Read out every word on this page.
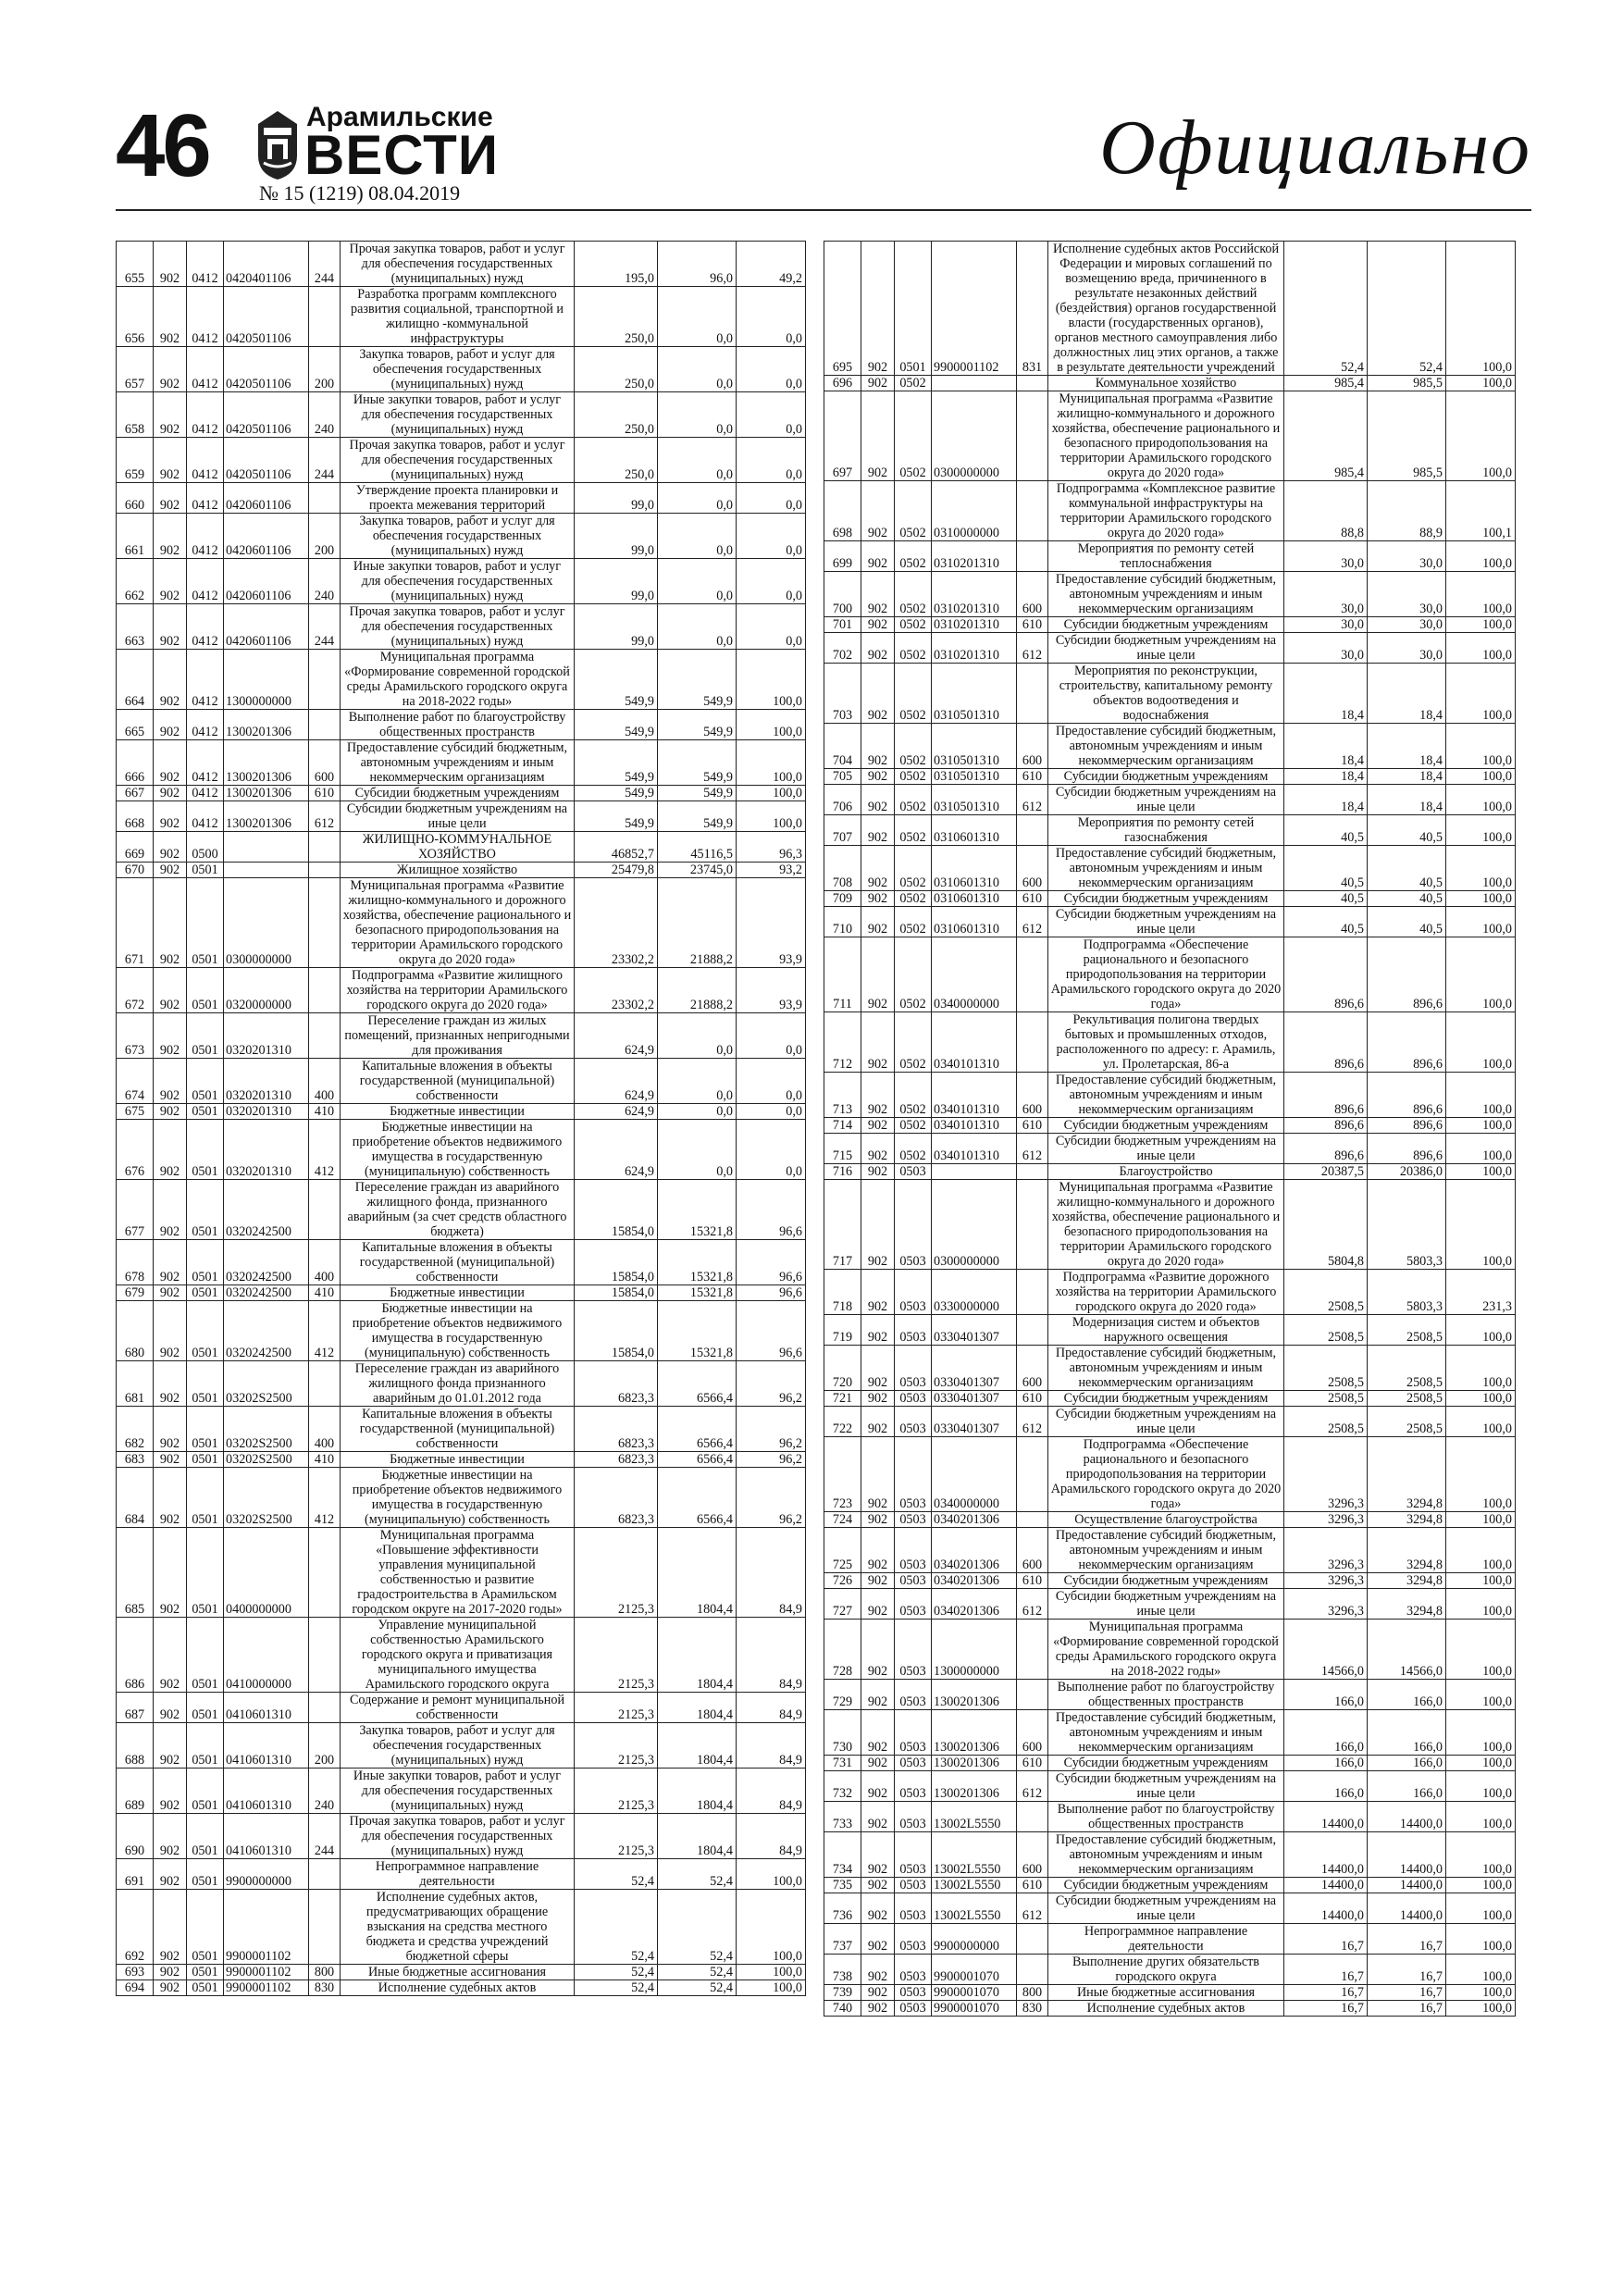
46	Арамильские
ВЕСТИ
№ 15 (1219) 08.04.2019
Официально
655	902	0412	0420401106	244	Прочая закупка товаров, работ и услуг для обеспечения государственных (муниципальных) нужд	195,0	96,0	49,2
656	902	0412	0420501106		Разработка программ комплексного развития социальной, транспортной и жилищно -коммунальной инфраструктуры	250,0	0,0	0,0
657	902	0412	0420501106	200	Закупка товаров, работ и услуг для обеспечения государственных (муниципальных) нужд	250,0	0,0	0,0
658	902	0412	0420501106	240	Иные закупки товаров, работ и услуг для обеспечения государственных (муниципальных) нужд	250,0	0,0	0,0
659	902	0412	0420501106	244	Прочая закупка товаров, работ и услуг для обеспечения государственных (муниципальных) нужд	250,0	0,0	0,0
660	902	0412	0420601106		Утверждение проекта планировки и проекта межевания территорий	99,0	0,0	0,0
661	902	0412	0420601106	200	Закупка товаров, работ и услуг для обеспечения государственных (муниципальных) нужд	99,0	0,0	0,0
662	902	0412	0420601106	240	Иные закупки товаров, работ и услуг для обеспечения государственных (муниципальных) нужд	99,0	0,0	0,0
663	902	0412	0420601106	244	Прочая закупка товаров, работ и услуг для обеспечения государственных (муниципальных) нужд	99,0	0,0	0,0
664	902	0412	1300000000		Муниципальная программа «Формирование современной городской среды Арамильского городского округа на 2018-2022 годы»	549,9	549,9	100,0
665	902	0412	1300201306		Выполнение работ по благоустройству общественных пространств	549,9	549,9	100,0
666	902	0412	1300201306	600	Предоставление субсидий бюджетным, автономным учреждениям и иным некоммерческим организациям	549,9	549,9	100,0
667	902	0412	1300201306	610	Субсидии бюджетным учреждениям	549,9	549,9	100,0
668	902	0412	1300201306	612	Субсидии бюджетным учреждениям на иные цели	549,9	549,9	100,0
669	902	0500			ЖИЛИЩНО-КОММУНАЛЬНОЕ ХОЗЯЙСТВО	46852,7	45116,5	96,3
670	902	0501			Жилищное хозяйство	25479,8	23745,0	93,2
671	902	0501	0300000000		Муниципальная программа «Развитие жилищно-коммунального и дорожного хозяйства, обеспечение рационального и безопасного природопользования на территории Арамильского городского округа до 2020 года»	23302,2	21888,2	93,9
672	902	0501	0320000000		Подпрограмма «Развитие жилищного хозяйства на территории Арамильского городского округа до 2020 года»	23302,2	21888,2	93,9
673	902	0501	0320201310		Переселение граждан из жилых помещений, признанных непригодными для проживания	624,9	0,0	0,0
674	902	0501	0320201310	400	Капитальные вложения в объекты государственной (муниципальной) собственности	624,9	0,0	0,0
675	902	0501	0320201310	410	Бюджетные инвестиции	624,9	0,0	0,0
676	902	0501	0320201310	412	Бюджетные инвестиции на приобретение объектов недвижимого имущества в государственную (муниципальную) собственность	624,9	0,0	0,0
677	902	0501	0320242500		Переселение граждан из аварийного жилищного фонда, признанного аварийным (за счет средств областного бюджета)	15854,0	15321,8	96,6
678	902	0501	0320242500	400	Капитальные вложения в объекты государственной (муниципальной) собственности	15854,0	15321,8	96,6
679	902	0501	0320242500	410	Бюджетные инвестиции	15854,0	15321,8	96,6
680	902	0501	0320242500	412	Бюджетные инвестиции на приобретение объектов недвижимого имущества в государственную (муниципальную) собственность	15854,0	15321,8	96,6
681	902	0501	03202S2500		Переселение граждан из аварийного жилищного фонда признанного аварийным до 01.01.2012 года	6823,3	6566,4	96,2
682	902	0501	03202S2500	400	Капитальные вложения в объекты государственной (муниципальной) собственности	6823,3	6566,4	96,2
683	902	0501	03202S2500	410	Бюджетные инвестиции	6823,3	6566,4	96,2
684	902	0501	03202S2500	412	Бюджетные инвестиции на приобретение объектов недвижимого имущества в государственную (муниципальную) собственность	6823,3	6566,4	96,2
685	902	0501	0400000000		Муниципальная программа «Повышение эффективности управления муниципальной собственностью и развитие градостроительства в Арамильском городском округе на 2017-2020 годы»	2125,3	1804,4	84,9
686	902	0501	0410000000		Управление муниципальной собственностью Арамильского городского округа и приватизация муниципального имущества Арамильского городского округа	2125,3	1804,4	84,9
687	902	0501	0410601310		Содержание и ремонт муниципальной собственности	2125,3	1804,4	84,9
688	902	0501	0410601310	200	Закупка товаров, работ и услуг для обеспечения государственных (муниципальных) нужд	2125,3	1804,4	84,9
689	902	0501	0410601310	240	Иные закупки товаров, работ и услуг для обеспечения государственных (муниципальных) нужд	2125,3	1804,4	84,9
690	902	0501	0410601310	244	Прочая закупка товаров, работ и услуг для обеспечения государственных (муниципальных) нужд	2125,3	1804,4	84,9
691	902	0501	9900000000		Непрограммное направление деятельности	52,4	52,4	100,0
692	902	0501	9900001102		Исполнение судебных актов, предусматривающих обращение взыскания на средства местного бюджета и средства учреждений бюджетной сферы	52,4	52,4	100,0
693	902	0501	9900001102	800	Иные бюджетные ассигнования	52,4	52,4	100,0
694	902	0501	9900001102	830	Исполнение судебных актов	52,4	52,4	100,0
695	902	0501	9900001102	831	Исполнение судебных актов Российской Федерации и мировых соглашений по возмещению вреда, причиненного в результате незаконных действий (бездействия) органов государственной власти (государственных органов), органов местного самоуправления либо должностных лиц этих органов, а также в результате деятельности учреждений	52,4	52,4	100,0
696	902	0502			Коммунальное хозяйство	985,4	985,5	100,0
697	902	0502	0300000000		Муниципальная программа «Развитие жилищно-коммунального и дорожного хозяйства, обеспечение рационального и безопасного природопользования на территории Арамильского городского округа до 2020 года»	985,4	985,5	100,0
698	902	0502	0310000000		Подпрограмма «Комплексное развитие коммунальной инфраструктуры на территории Арамильского городского округа до 2020 года»	88,8	88,9	100,1
699	902	0502	0310201310		Мероприятия по ремонту сетей теплоснабжения	30,0	30,0	100,0
700	902	0502	0310201310	600	Предоставление субсидий бюджетным, автономным учреждениям и иным некоммерческим организациям	30,0	30,0	100,0
701	902	0502	0310201310	610	Субсидии бюджетным учреждениям	30,0	30,0	100,0
702	902	0502	0310201310	612	Субсидии бюджетным учреждениям на иные цели	30,0	30,0	100,0
703	902	0502	0310501310		Мероприятия по реконструкции, строительству, капитальному ремонту объектов водоотведения и водоснабжения	18,4	18,4	100,0
704	902	0502	0310501310	600	Предоставление субсидий бюджетным, автономным учреждениям и иным некоммерческим организациям	18,4	18,4	100,0
705	902	0502	0310501310	610	Субсидии бюджетным учреждениям	18,4	18,4	100,0
706	902	0502	0310501310	612	Субсидии бюджетным учреждениям на иные цели	18,4	18,4	100,0
707	902	0502	0310601310		Мероприятия по ремонту сетей газоснабжения	40,5	40,5	100,0
708	902	0502	0310601310	600	Предоставление субсидий бюджетным, автономным учреждениям и иным некоммерческим организациям	40,5	40,5	100,0
709	902	0502	0310601310	610	Субсидии бюджетным учреждениям	40,5	40,5	100,0
710	902	0502	0310601310	612	Субсидии бюджетным учреждениям на иные цели	40,5	40,5	100,0
711	902	0502	0340000000		Подпрограмма «Обеспечение рационального и безопасного природопользования на территории Арамильского городского округа до 2020 года»	896,6	896,6	100,0
712	902	0502	0340101310		Рекультивация полигона твердых бытовых и промышленных отходов, расположенного по адресу: г. Арамиль, ул. Пролетарская, 86-а	896,6	896,6	100,0
713	902	0502	0340101310	600	Предоставление субсидий бюджетным, автономным учреждениям и иным некоммерческим организациям	896,6	896,6	100,0
714	902	0502	0340101310	610	Субсидии бюджетным учреждениям	896,6	896,6	100,0
715	902	0502	0340101310	612	Субсидии бюджетным учреждениям на иные цели	896,6	896,6	100,0
716	902	0503			Благоустройство	20387,5	20386,0	100,0
717	902	0503	0300000000		Муниципальная программа «Развитие жилищно-коммунального и дорожного хозяйства, обеспечение рационального и безопасного природопользования на территории Арамильского городского округа до 2020 года»	5804,8	5803,3	100,0
718	902	0503	0330000000		Подпрограмма «Развитие дорожного хозяйства на территории Арамильского городского округа до 2020 года»	2508,5	5803,3	231,3
719	902	0503	0330401307		Модернизация систем и объектов наружного освещения	2508,5	2508,5	100,0
720	902	0503	0330401307	600	Предоставление субсидий бюджетным, автономным учреждениям и иным некоммерческим организациям	2508,5	2508,5	100,0
721	902	0503	0330401307	610	Субсидии бюджетным учреждениям	2508,5	2508,5	100,0
722	902	0503	0330401307	612	Субсидии бюджетным учреждениям на иные цели	2508,5	2508,5	100,0
723	902	0503	0340000000		Подпрограмма «Обеспечение рационального и безопасного природопользования на территории Арамильского городского округа до 2020 года»	3296,3	3294,8	100,0
724	902	0503	0340201306		Осуществление благоустройства	3296,3	3294,8	100,0
725	902	0503	0340201306	600	Предоставление субсидий бюджетным, автономным учреждениям и иным некоммерческим организациям	3296,3	3294,8	100,0
726	902	0503	0340201306	610	Субсидии бюджетным учреждениям	3296,3	3294,8	100,0
727	902	0503	0340201306	612	Субсидии бюджетным учреждениям на иные цели	3296,3	3294,8	100,0
728	902	0503	1300000000		Муниципальная программа «Формирование современной городской среды Арамильского городского округа на 2018-2022 годы»	14566,0	14566,0	100,0
729	902	0503	1300201306		Выполнение работ по благоустройству общественных пространств	166,0	166,0	100,0
730	902	0503	1300201306	600	Предоставление субсидий бюджетным, автономным учреждениям и иным некоммерческим организациям	166,0	166,0	100,0
731	902	0503	1300201306	610	Субсидии бюджетным учреждениям	166,0	166,0	100,0
732	902	0503	1300201306	612	Субсидии бюджетным учреждениям на иные цели	166,0	166,0	100,0
733	902	0503	13002L5550		Выполнение работ по благоустройству общественных пространств	14400,0	14400,0	100,0
734	902	0503	13002L5550	600	Предоставление субсидий бюджетным, автономным учреждениям и иным некоммерческим организациям	14400,0	14400,0	100,0
735	902	0503	13002L5550	610	Субсидии бюджетным учреждениям	14400,0	14400,0	100,0
736	902	0503	13002L5550	612	Субсидии бюджетным учреждениям на иные цели	14400,0	14400,0	100,0
737	902	0503	9900000000		Непрограммное направление деятельности	16,7	16,7	100,0
738	902	0503	9900001070		Выполнение других обязательств городского округа	16,7	16,7	100,0
739	902	0503	9900001070	800	Иные бюджетные ассигнования	16,7	16,7	100,0
740	902	0503	9900001070	830	Исполнение судебных актов	16,7	16,7	100,0
